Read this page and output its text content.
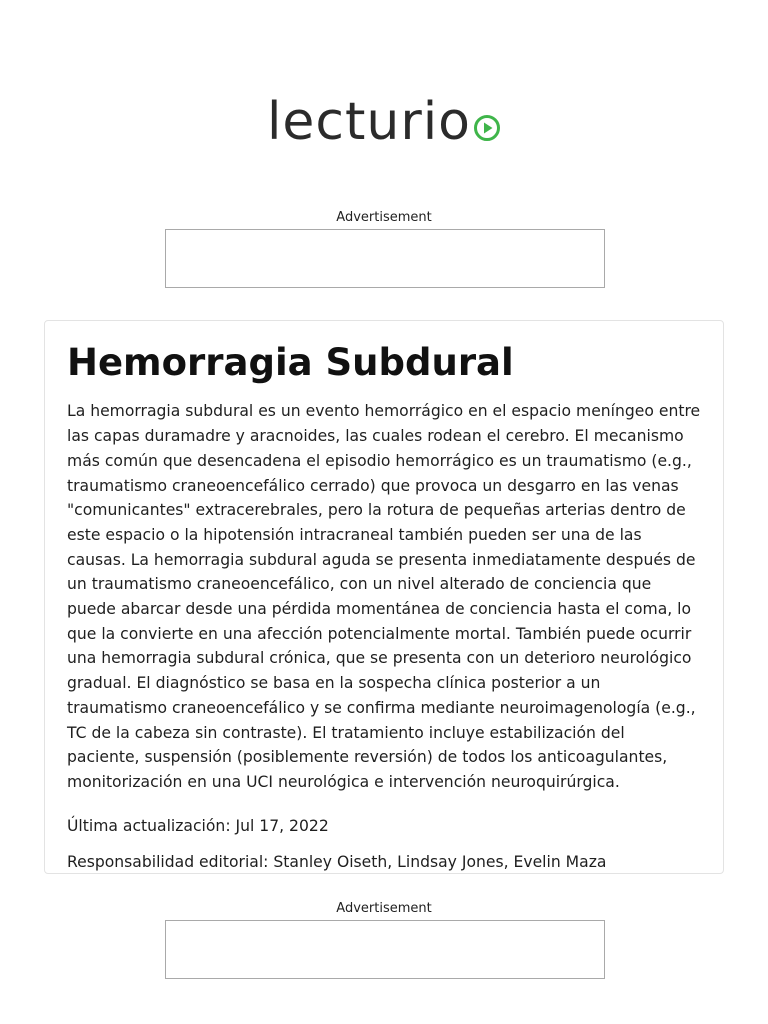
lecturio
Advertisement
Hemorragia Subdural

La hemorragia subdural es un evento hemorrágico en el espacio meníngeo entre las capas duramadre y aracnoides, las cuales rodean el cerebro. El mecanismo más común que desencadena el episodio hemorrágico es un traumatismo (e.g., traumatismo craneoencefálico cerrado) que provoca un desgarro en las venas "comunicantes" extracerebrales, pero la rotura de pequeñas arterias dentro de este espacio o la hipotensión intracraneal también pueden ser una de las causas. La hemorragia subdural aguda se presenta inmediatamente después de un traumatismo craneoencefálico, con un nivel alterado de conciencia que puede abarcar desde una pérdida momentánea de conciencia hasta el coma, lo que la convierte en una afección potencialmente mortal. También puede ocurrir una hemorragia subdural crónica, que se presenta con un deterioro neurológico gradual. El diagnóstico se basa en la sospecha clínica posterior a un traumatismo craneoencefálico y se confirma mediante neuroimagenología (e.g., TC de la cabeza sin contraste). El tratamiento incluye estabilización del paciente, suspensión (posiblemente reversión) de todos los anticoagulantes, monitorización en una UCI neurológica e intervención neuroquirúrgica.

Última actualización: Jul 17, 2022

Responsabilidad editorial: Stanley Oiseth, Lindsay Jones, Evelin Maza

Advertisement
